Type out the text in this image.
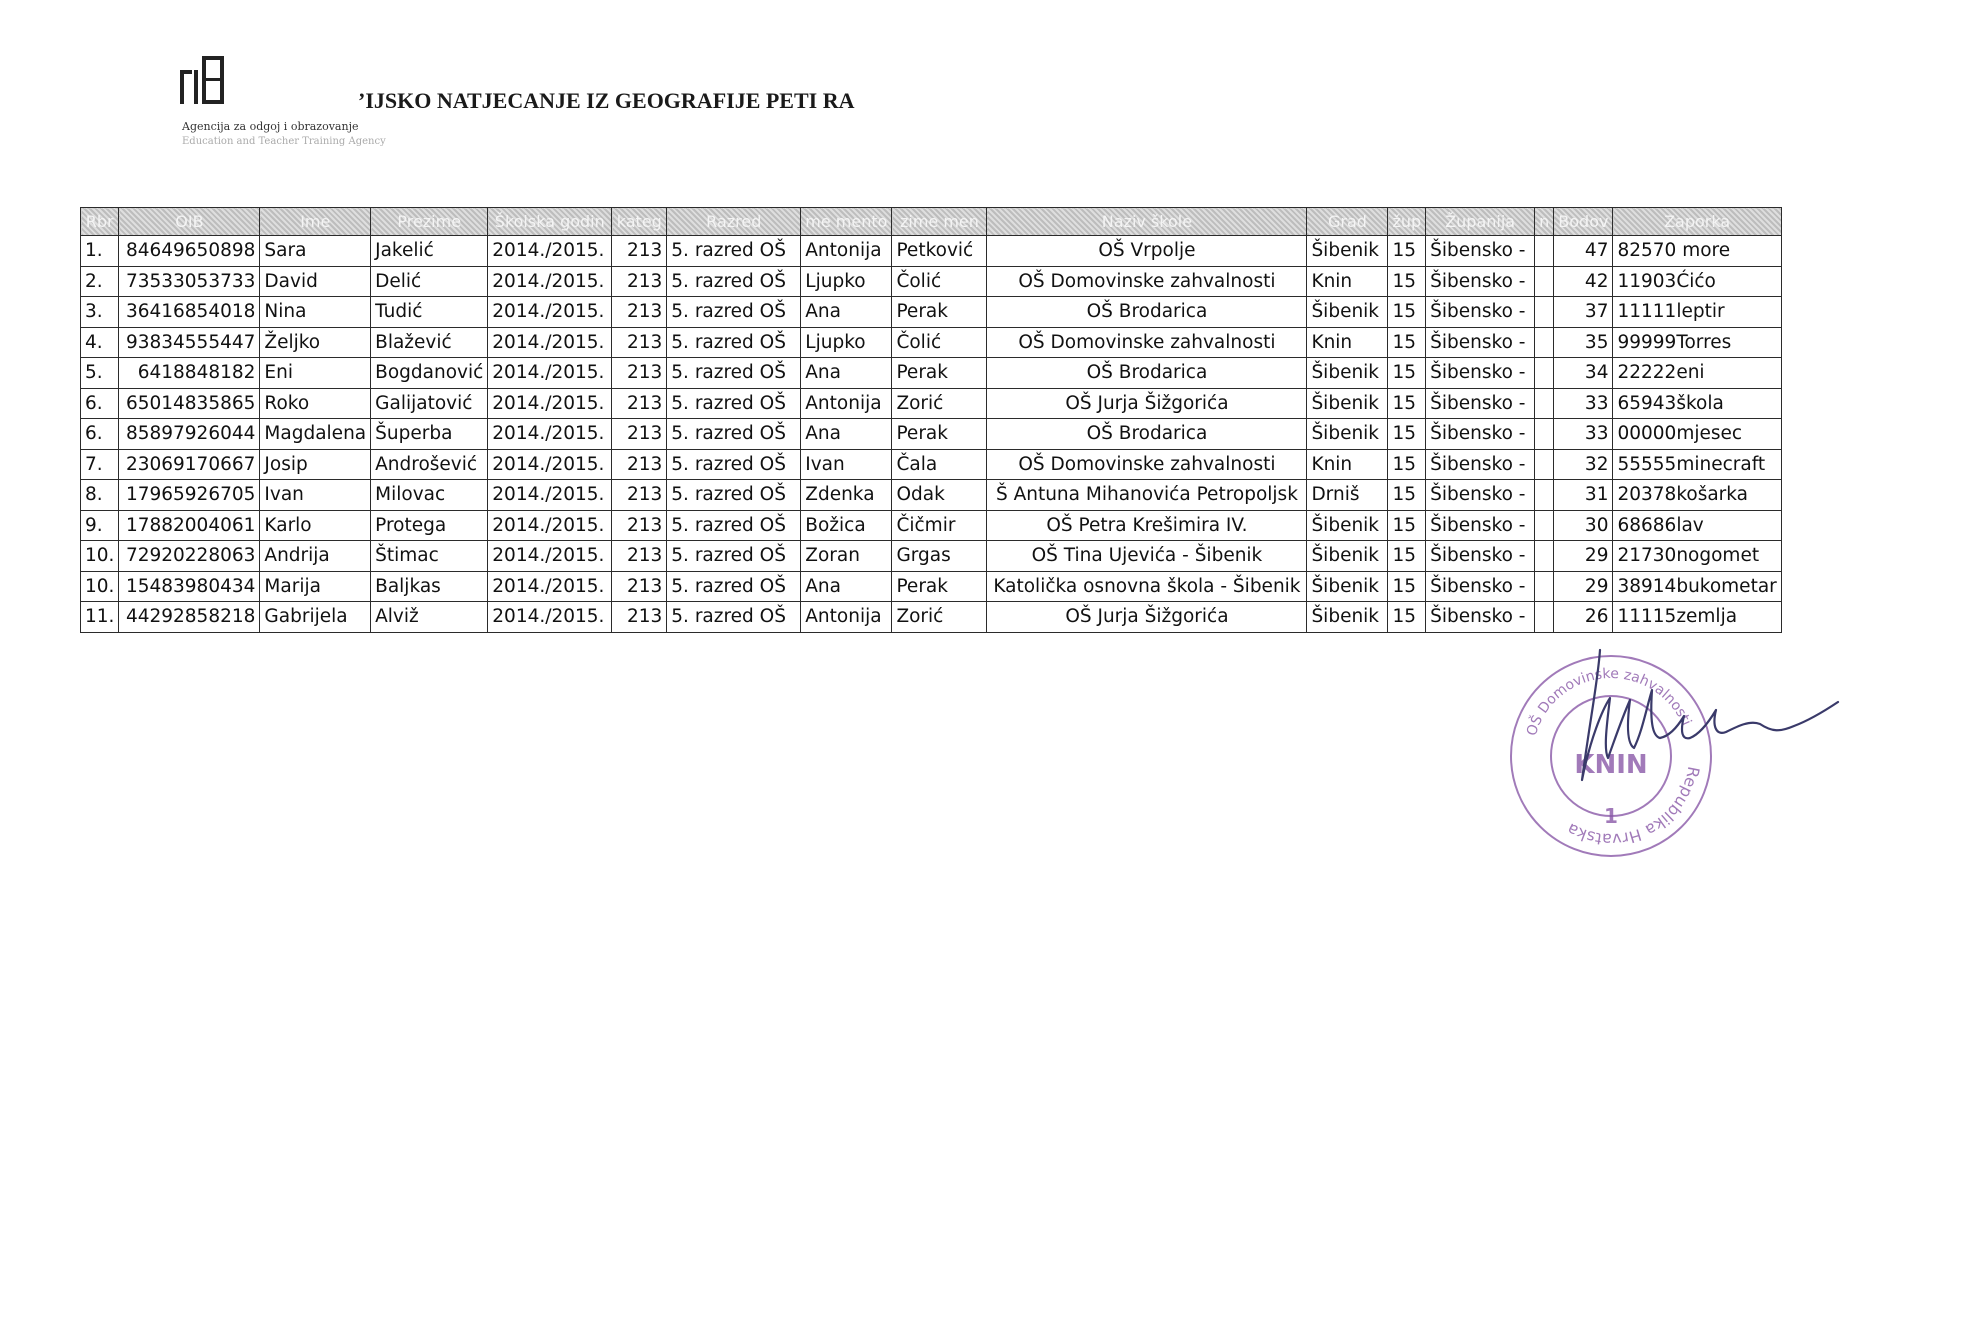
Agencija za odgoj i obrazovanje
Education and Teacher Training Agency
’IJSKO NATJECANJE IZ GEOGRAFIJE PETI RA
Rbr	OIB	Ime	Prezime	Školska godin	kateg	Razred	me mento	zime men	Naziv škole	Grad	žup	Županija	n	Bodov	Zaporka
1.	84649650898	Sara	Jakelić	2014./2015.	213	5. razred OŠ	Antonija	Petković	OŠ Vrpolje	Šibenik	15	Šibensko -		47	82570 more
2.	73533053733	David	Delić	2014./2015.	213	5. razred OŠ	Ljupko	Čolić	OŠ Domovinske zahvalnosti	Knin	15	Šibensko -		42	11903Ćićo
3.	36416854018	Nina	Tudić	2014./2015.	213	5. razred OŠ	Ana	Perak	OŠ Brodarica	Šibenik	15	Šibensko -		37	11111leptir
4.	93834555447	Željko	Blažević	2014./2015.	213	5. razred OŠ	Ljupko	Čolić	OŠ Domovinske zahvalnosti	Knin	15	Šibensko -		35	99999Torres
5.	6418848182	Eni	Bogdanović	2014./2015.	213	5. razred OŠ	Ana	Perak	OŠ Brodarica	Šibenik	15	Šibensko -		34	22222eni
6.	65014835865	Roko	Galijatović	2014./2015.	213	5. razred OŠ	Antonija	Zorić	OŠ Jurja Šižgorića	Šibenik	15	Šibensko -		33	65943škola
6.	85897926044	Magdalena	Šuperba	2014./2015.	213	5. razred OŠ	Ana	Perak	OŠ Brodarica	Šibenik	15	Šibensko -		33	00000mjesec
7.	23069170667	Josip	Androšević	2014./2015.	213	5. razred OŠ	Ivan	Čala	OŠ Domovinske zahvalnosti	Knin	15	Šibensko -		32	55555minecraft
8.	17965926705	Ivan	Milovac	2014./2015.	213	5. razred OŠ	Zdenka	Odak	Š Antuna Mihanovića Petropoljsk	Drniš	15	Šibensko -		31	20378košarka
9.	17882004061	Karlo	Protega	2014./2015.	213	5. razred OŠ	Božica	Čičmir	OŠ Petra Krešimira IV.	Šibenik	15	Šibensko -		30	68686lav
10.	72920228063	Andrija	Štimac	2014./2015.	213	5. razred OŠ	Zoran	Grgas	OŠ Tina Ujevića - Šibenik	Šibenik	15	Šibensko -		29	21730nogomet
10.	15483980434	Marija	Baljkas	2014./2015.	213	5. razred OŠ	Ana	Perak	Katolička osnovna škola - Šibenik	Šibenik	15	Šibensko -		29	38914bukometar
11.	44292858218	Gabrijela	Alviž	2014./2015.	213	5. razred OŠ	Antonija	Zorić	OŠ Jurja Šižgorića	Šibenik	15	Šibensko -		26	11115zemlja
Republika Hrvatska
OŠ Domovinske zahvalnosti
KNIN
1
